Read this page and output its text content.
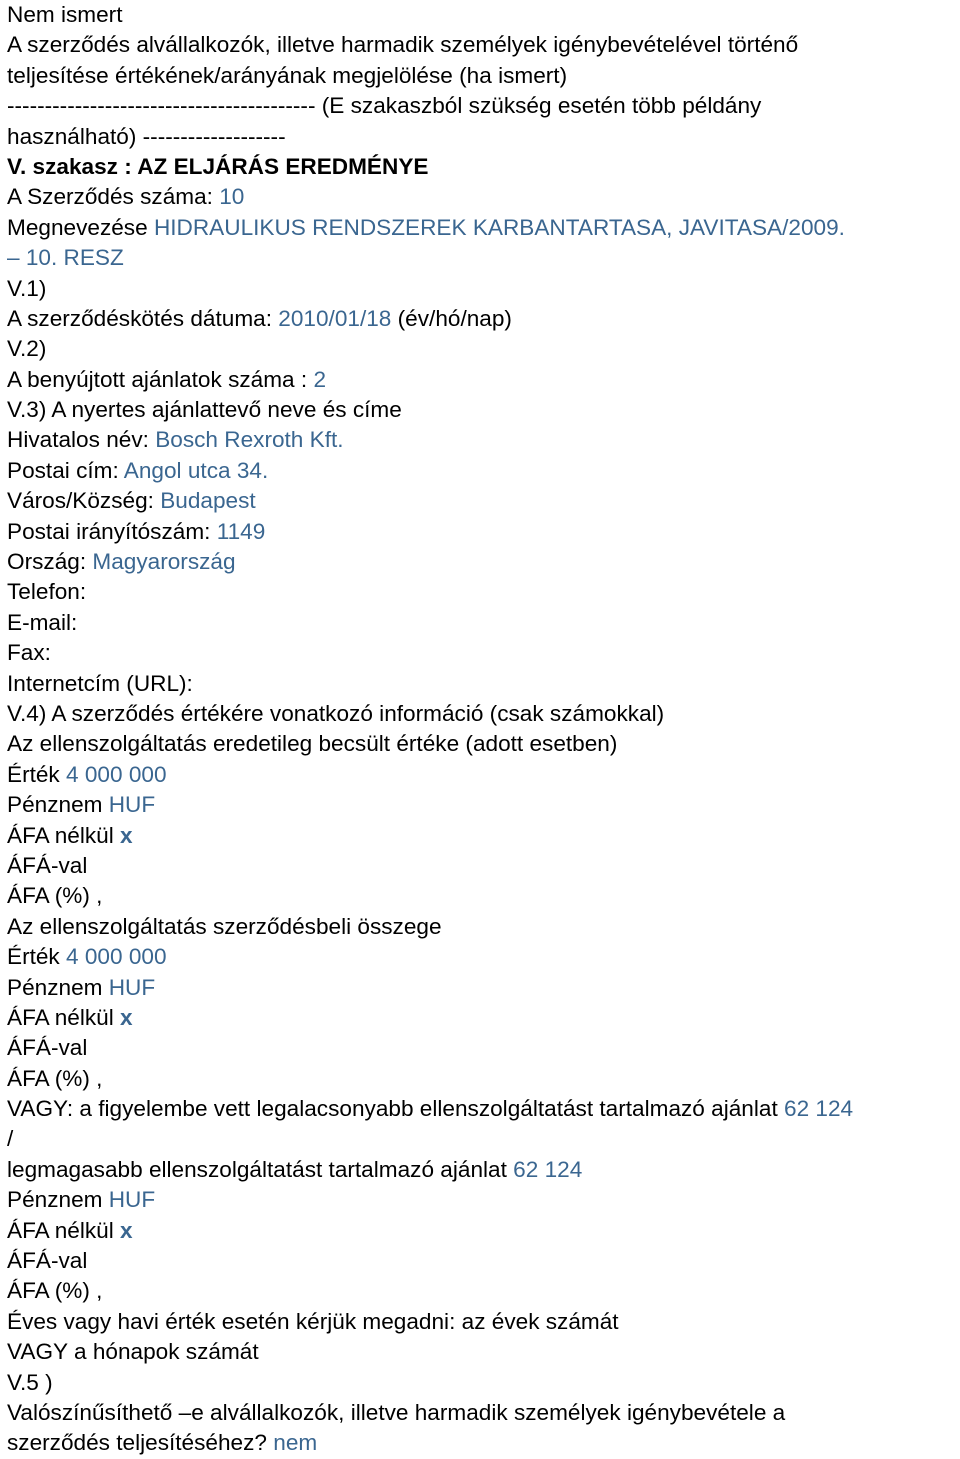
Nem ismert
A szerződés alvállalkozók, illetve harmadik személyek igénybevételével történő
teljesítése értékének/arányának megjelölése (ha ismert)
----------------------------------------- (E szakaszból szükség esetén több példány
használható) -------------------
V. szakasz : AZ ELJÁRÁS EREDMÉNYE
A Szerződés száma: 10
Megnevezése HIDRAULIKUS RENDSZEREK KARBANTARTASA, JAVITASA/2009.
– 10. RESZ
V.1)
A szerződéskötés dátuma: 2010/01/18 (év/hó/nap)
V.2)
A benyújtott ajánlatok száma : 2
V.3) A nyertes ajánlattevő neve és címe
Hivatalos név: Bosch Rexroth Kft.
Postai cím: Angol utca 34.
Város/Község: Budapest
Postai irányítószám: 1149
Ország: Magyarország
Telefon:
E-mail:
Fax:
Internetcím (URL):
V.4) A szerződés értékére vonatkozó információ (csak számokkal)
Az ellenszolgáltatás eredetileg becsült értéke (adott esetben)
Érték 4 000 000
Pénznem HUF
ÁFA nélkül x
ÁFÁ-val
ÁFA (%) ,
Az ellenszolgáltatás szerződésbeli összege
Érték 4 000 000
Pénznem HUF
ÁFA nélkül x
ÁFÁ-val
ÁFA (%) ,
VAGY: a figyelembe vett legalacsonyabb ellenszolgáltatást tartalmazó ajánlat 62 124
/
legmagasabb ellenszolgáltatást tartalmazó ajánlat 62 124
Pénznem HUF
ÁFA nélkül x
ÁFÁ-val
ÁFA (%) ,
Éves vagy havi érték esetén kérjük megadni: az évek számát
VAGY a hónapok számát
V.5 )
Valószínűsíthető –e alvállalkozók, illetve harmadik személyek igénybevétele a
szerződés teljesítéséhez? nem
